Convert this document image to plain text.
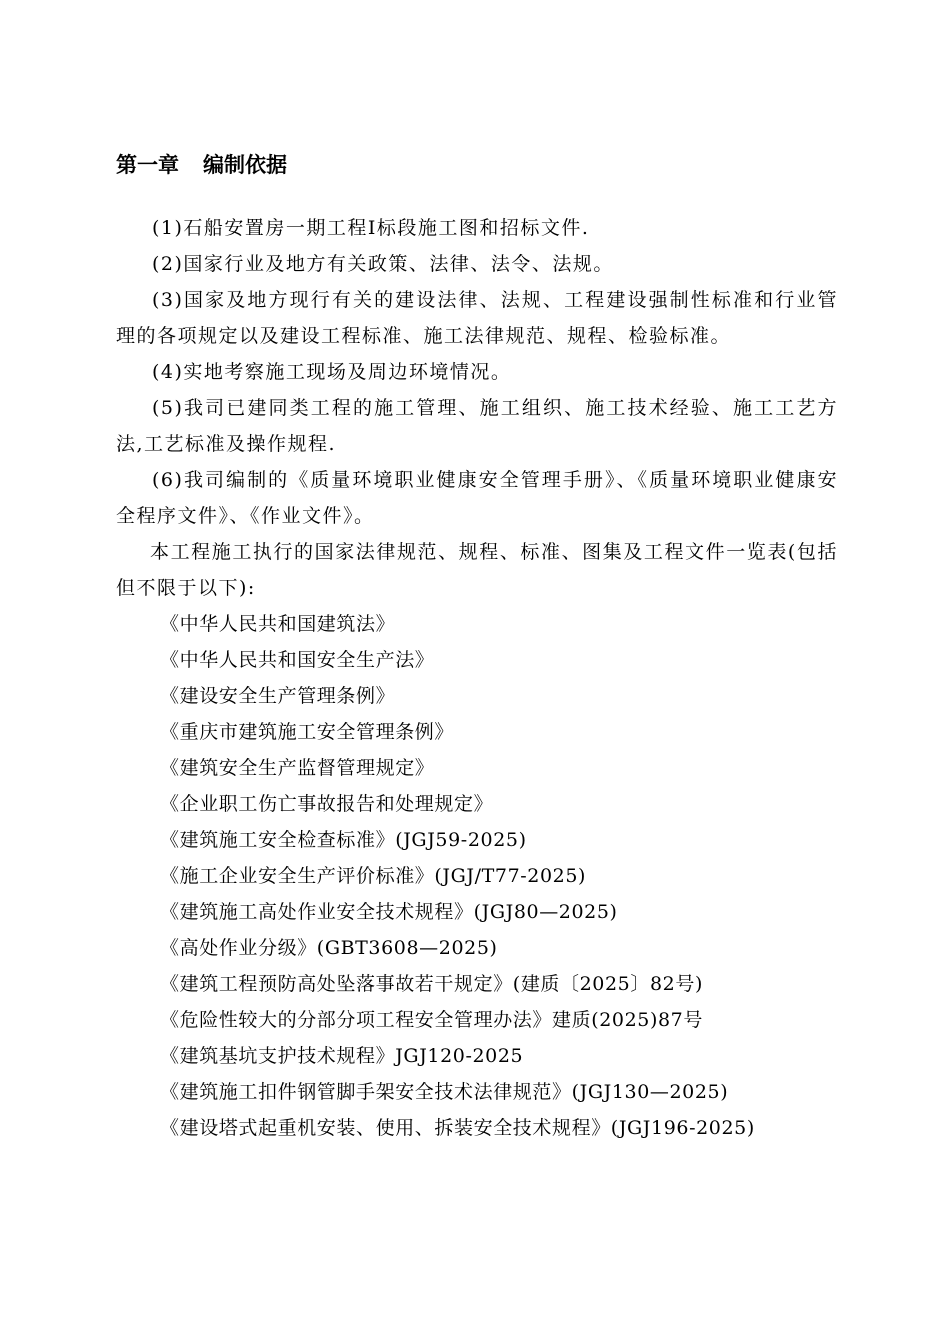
第一章 编制依据

(1)石船安置房一期工程Ⅰ标段施工图和招标文件.

(2)国家行业及地方有关政策、法律、法令、法规。

(3)国家及地方现行有关的建设法律、法规、工程建设强制性标准和行业管理的各项规定以及建设工程标准、施工法律规范、规程、检验标准。

(4)实地考察施工现场及周边环境情况。

(5)我司已建同类工程的施工管理、施工组织、施工技术经验、施工工艺方法,工艺标准及操作规程.

(6)我司编制的《质量环境职业健康安全管理手册》、《质量环境职业健康安全程序文件》、《作业文件》。

本工程施工执行的国家法律规范、规程、标准、图集及工程文件一览表(包括但不限于以下):

《中华人民共和国建筑法》
《中华人民共和国安全生产法》
《建设安全生产管理条例》
《重庆市建筑施工安全管理条例》
《建筑安全生产监督管理规定》
《企业职工伤亡事故报告和处理规定》
《建筑施工安全检查标准》(JGJ59-2025)
《施工企业安全生产评价标准》(JGJ/T77-2025)
《建筑施工高处作业安全技术规程》(JGJ80—2025)
《高处作业分级》(GBT3608—2025)
《建筑工程预防高处坠落事故若干规定》(建质〔2025〕82号)
《危险性较大的分部分项工程安全管理办法》建质(2025)87号
《建筑基坑支护技术规程》JGJ120-2025
《建筑施工扣件钢管脚手架安全技术法律规范》(JGJ130—2025)
《建设塔式起重机安装、使用、拆装安全技术规程》(JGJ196-2025)
